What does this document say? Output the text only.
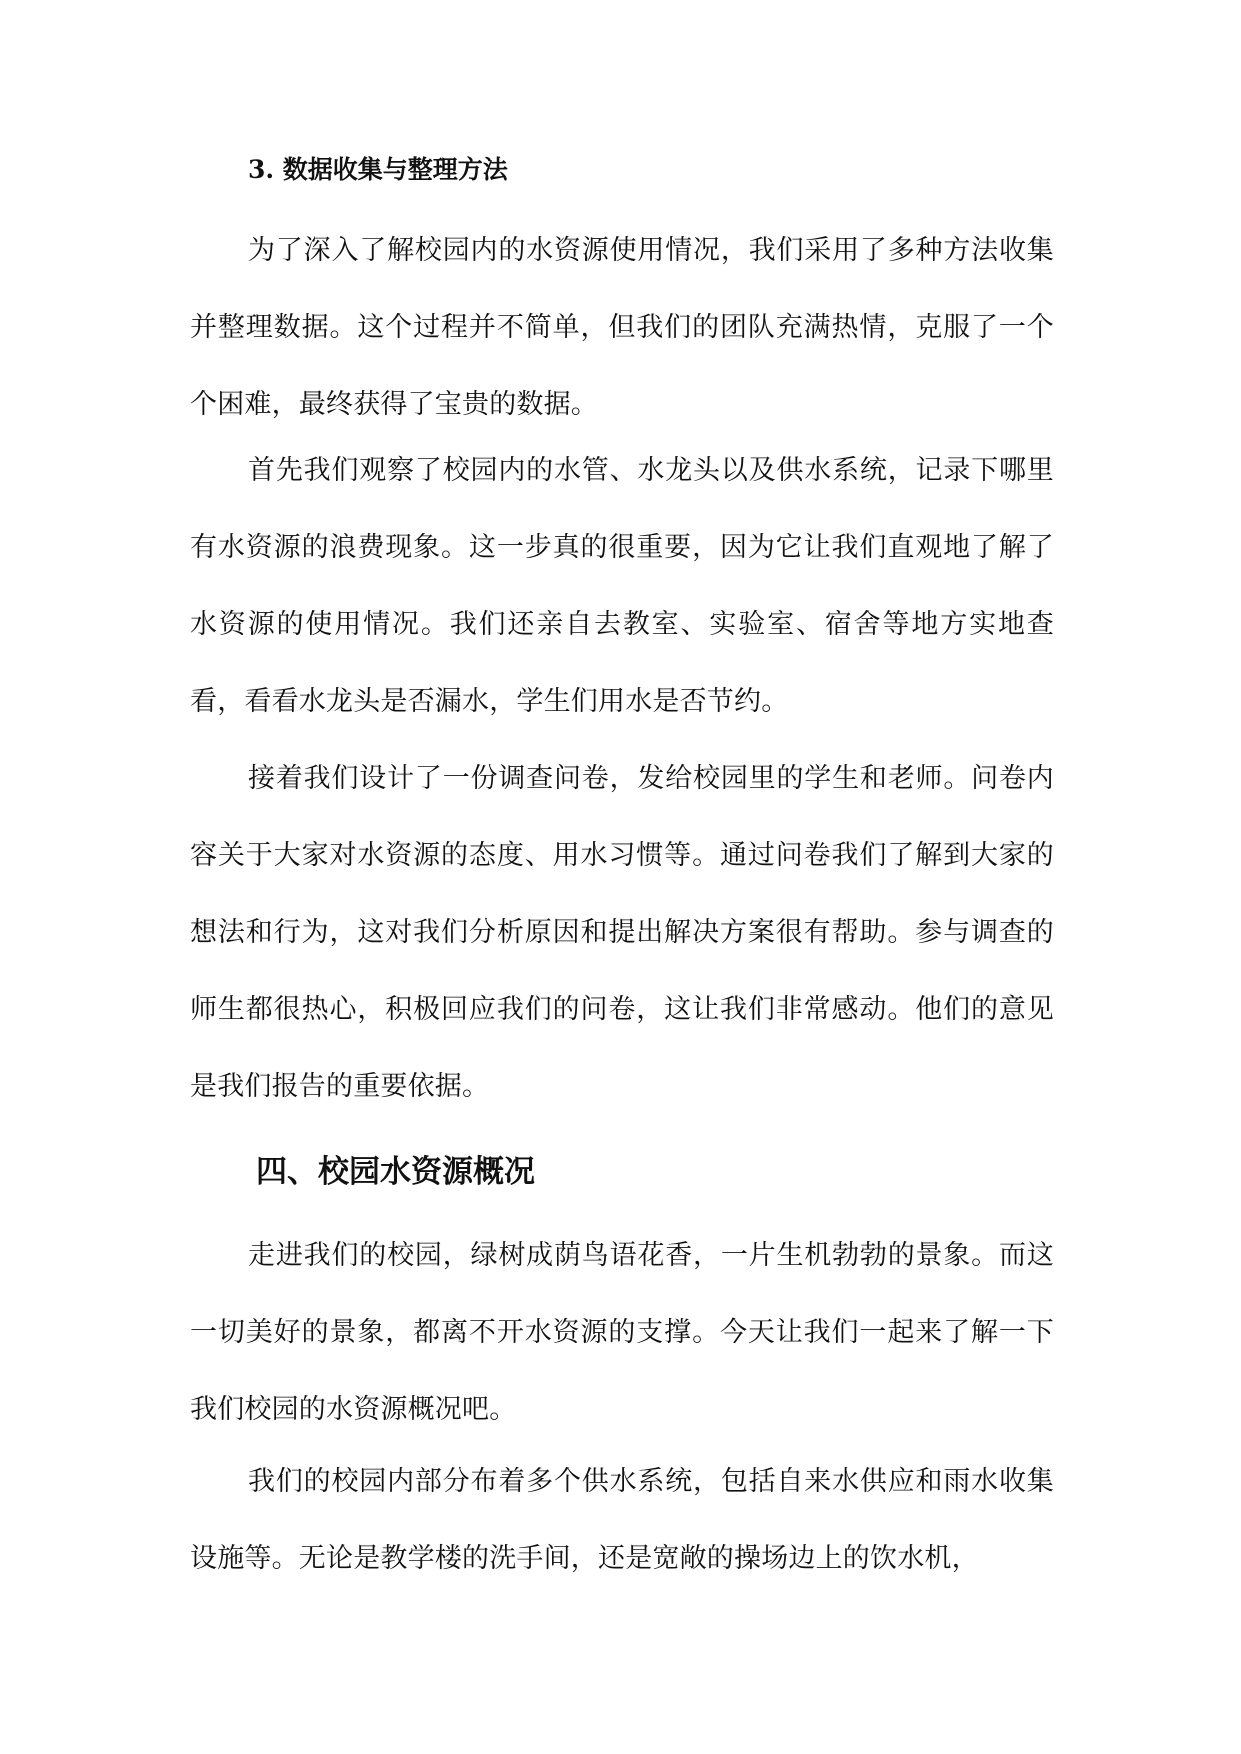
3. 数据收集与整理方法

为了深入了解校园内的水资源使用情况，我们采用了多种方法收集并整理数据。这个过程并不简单，但我们的团队充满热情，克服了一个个困难，最终获得了宝贵的数据。

首先我们观察了校园内的水管、水龙头以及供水系统，记录下哪里有水资源的浪费现象。这一步真的很重要，因为它让我们直观地了解了水资源的使用情况。我们还亲自去教室、实验室、宿舍等地方实地查看，看看水龙头是否漏水，学生们用水是否节约。

接着我们设计了一份调查问卷，发给校园里的学生和老师。问卷内容关于大家对水资源的态度、用水习惯等。通过问卷我们了解到大家的想法和行为，这对我们分析原因和提出解决方案很有帮助。参与调查的师生都很热心，积极回应我们的问卷，这让我们非常感动。他们的意见是我们报告的重要依据。

四、校园水资源概况

走进我们的校园，绿树成荫鸟语花香，一片生机勃勃的景象。而这一切美好的景象，都离不开水资源的支撑。今天让我们一起来了解一下我们校园的水资源概况吧。

我们的校园内部分布着多个供水系统，包括自来水供应和雨水收集设施等。无论是教学楼的洗手间，还是宽敞的操场边上的饮水机，
